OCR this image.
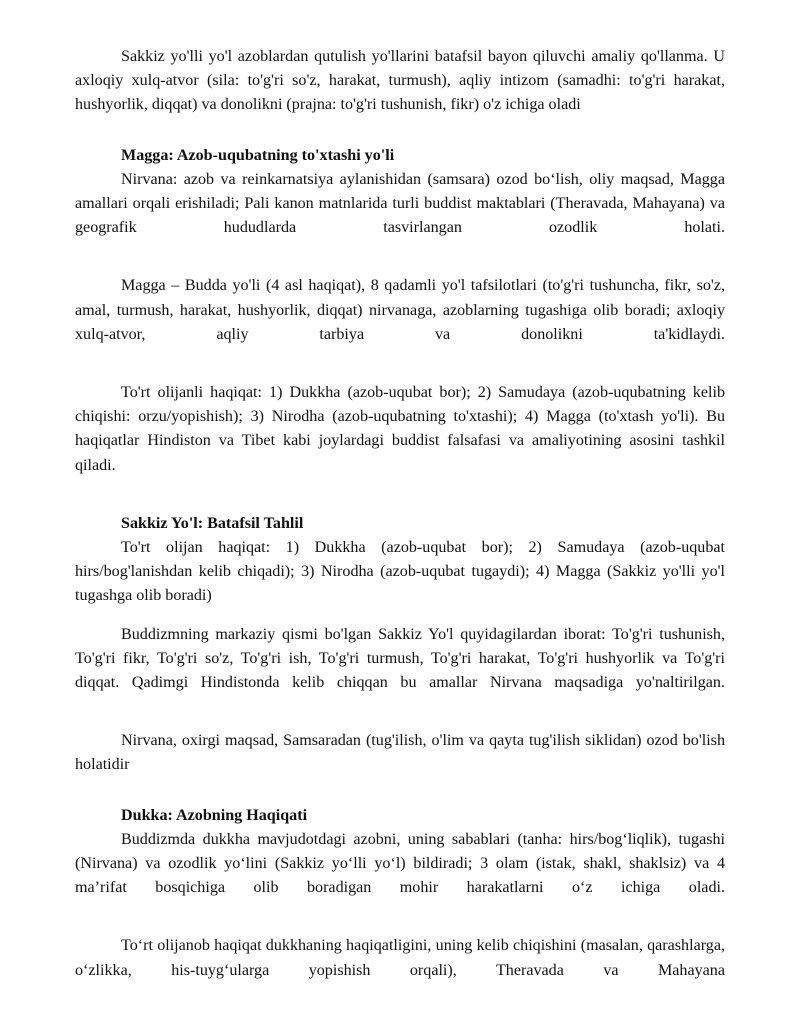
Sakkiz yo'lli yo'l azoblardan qutulish yo'llarini batafsil bayon qiluvchi amaliy qo'llanma. U axloqiy xulq-atvor (sila: to'g'ri so'z, harakat, turmush), aqliy intizom (samadhi: to'g'ri harakat, hushyorlik, diqqat) va donolikni (prajna: to'g'ri tushunish, fikr) o'z ichiga oladi

Magga: Azob-uqubatning to'xtashi yo'li

Nirvana: azob va reinkarnatsiya aylanishidan (samsara) ozod boʻlish, oliy maqsad, Magga amallari orqali erishiladi; Pali kanon matnlarida turli buddist maktablari (Theravada, Mahayana) va geografik hududlarda tasvirlangan ozodlik holati.

Magga – Budda yo'li (4 asl haqiqat), 8 qadamli yo'l tafsilotlari (to'g'ri tushuncha, fikr, so'z, amal, turmush, harakat, hushyorlik, diqqat) nirvanaga, azoblarning tugashiga olib boradi; axloqiy xulq-atvor, aqliy tarbiya va donolikni ta'kidlaydi.

To'rt olijanli haqiqat: 1) Dukkha (azob-uqubat bor); 2) Samudaya (azob-uqubatning kelib chiqishi: orzu/yopishish); 3) Nirodha (azob-uqubatning to'xtashi); 4) Magga (to'xtash yo'li). Bu haqiqatlar Hindiston va Tibet kabi joylardagi buddist falsafasi va amaliyotining asosini tashkil qiladi.

Sakkiz Yo'l: Batafsil Tahlil

To'rt olijan haqiqat: 1) Dukkha (azob-uqubat bor); 2) Samudaya (azob-uqubat hirs/bog'lanishdan kelib chiqadi); 3) Nirodha (azob-uqubat tugaydi); 4) Magga (Sakkiz yo'lli yo'l tugashga olib boradi)

Buddizmning markaziy qismi bo'lgan Sakkiz Yo'l quyidagilardan iborat: To'g'ri tushunish, To'g'ri fikr, To'g'ri so'z, To'g'ri ish, To'g'ri turmush, To'g'ri harakat, To'g'ri hushyorlik va To'g'ri diqqat. Qadimgi Hindistonda kelib chiqqan bu amallar Nirvana maqsadiga yo'naltirilgan.

Nirvana, oxirgi maqsad, Samsaradan (tug'ilish, o'lim va qayta tug'ilish siklidan) ozod bo'lish holatidir

Dukka: Azobning Haqiqati

Buddizmda dukkha mavjudotdagi azobni, uning sabablari (tanha: hirs/bogʻliqlik), tugashi (Nirvana) va ozodlik yoʻlini (Sakkiz yoʻlli yoʻl) bildiradi; 3 olam (istak, shakl, shaklsiz) va 4 maʼrifat bosqichiga olib boradigan mohir harakatlarni oʻz ichiga oladi.

Toʻrt olijanob haqiqat dukkhaning haqiqatligini, uning kelib chiqishini (masalan, qarashlarga, oʻzlikka, his-tuygʻularga yopishish orqali), Theravada va Mahayana
